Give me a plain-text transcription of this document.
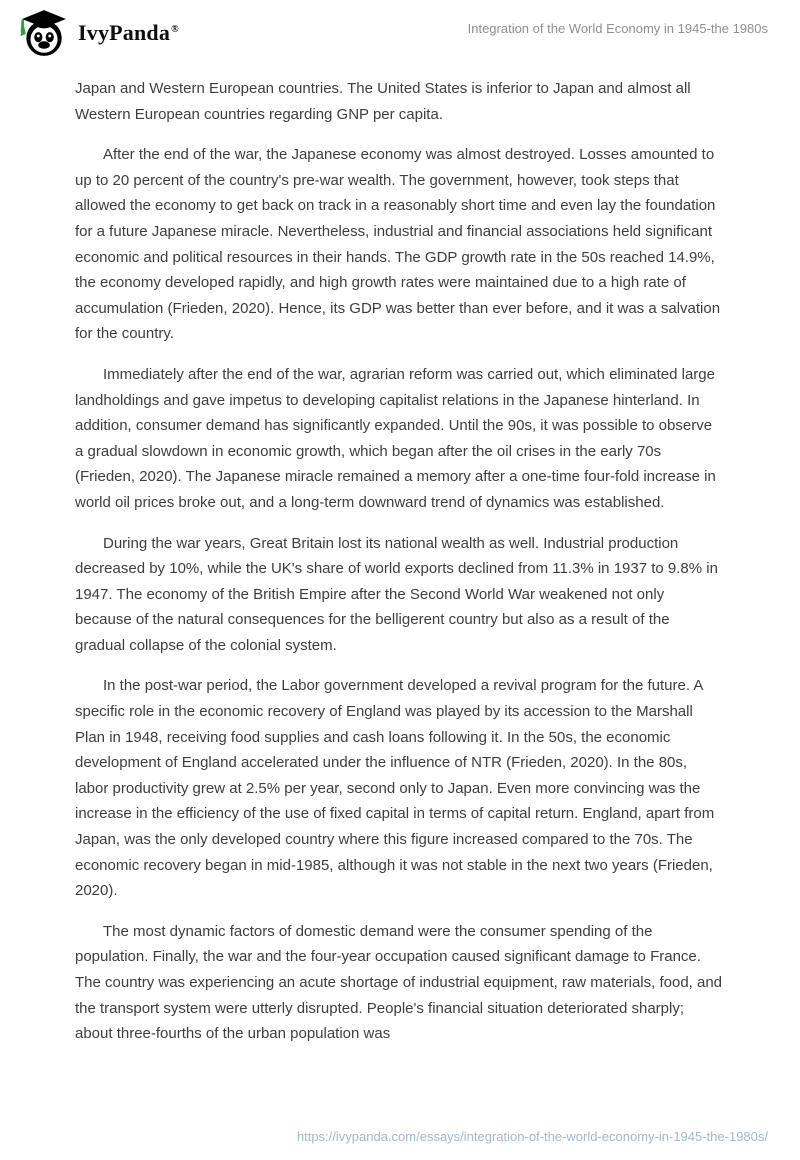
IvyPanda®	Integration of the World Economy in 1945-the 1980s

Japan and Western European countries. The United States is inferior to Japan and almost all Western European countries regarding GNP per capita.

After the end of the war, the Japanese economy was almost destroyed. Losses amounted to up to 20 percent of the country's pre-war wealth. The government, however, took steps that allowed the economy to get back on track in a reasonably short time and even lay the foundation for a future Japanese miracle. Nevertheless, industrial and financial associations held significant economic and political resources in their hands. The GDP growth rate in the 50s reached 14.9%, the economy developed rapidly, and high growth rates were maintained due to a high rate of accumulation (Frieden, 2020). Hence, its GDP was better than ever before, and it was a salvation for the country.

Immediately after the end of the war, agrarian reform was carried out, which eliminated large landholdings and gave impetus to developing capitalist relations in the Japanese hinterland. In addition, consumer demand has significantly expanded. Until the 90s, it was possible to observe a gradual slowdown in economic growth, which began after the oil crises in the early 70s (Frieden, 2020). The Japanese miracle remained a memory after a one-time four-fold increase in world oil prices broke out, and a long-term downward trend of dynamics was established.

During the war years, Great Britain lost its national wealth as well. Industrial production decreased by 10%, while the UK's share of world exports declined from 11.3% in 1937 to 9.8% in 1947. The economy of the British Empire after the Second World War weakened not only because of the natural consequences for the belligerent country but also as a result of the gradual collapse of the colonial system.

In the post-war period, the Labor government developed a revival program for the future. A specific role in the economic recovery of England was played by its accession to the Marshall Plan in 1948, receiving food supplies and cash loans following it. In the 50s, the economic development of England accelerated under the influence of NTR (Frieden, 2020). In the 80s, labor productivity grew at 2.5% per year, second only to Japan. Even more convincing was the increase in the efficiency of the use of fixed capital in terms of capital return. England, apart from Japan, was the only developed country where this figure increased compared to the 70s. The economic recovery began in mid-1985, although it was not stable in the next two years (Frieden, 2020).

The most dynamic factors of domestic demand were the consumer spending of the population. Finally, the war and the four-year occupation caused significant damage to France. The country was experiencing an acute shortage of industrial equipment, raw materials, food, and the transport system were utterly disrupted. People's financial situation deteriorated sharply; about three-fourths of the urban population was

https://ivypanda.com/essays/integration-of-the-world-economy-in-1945-the-1980s/
